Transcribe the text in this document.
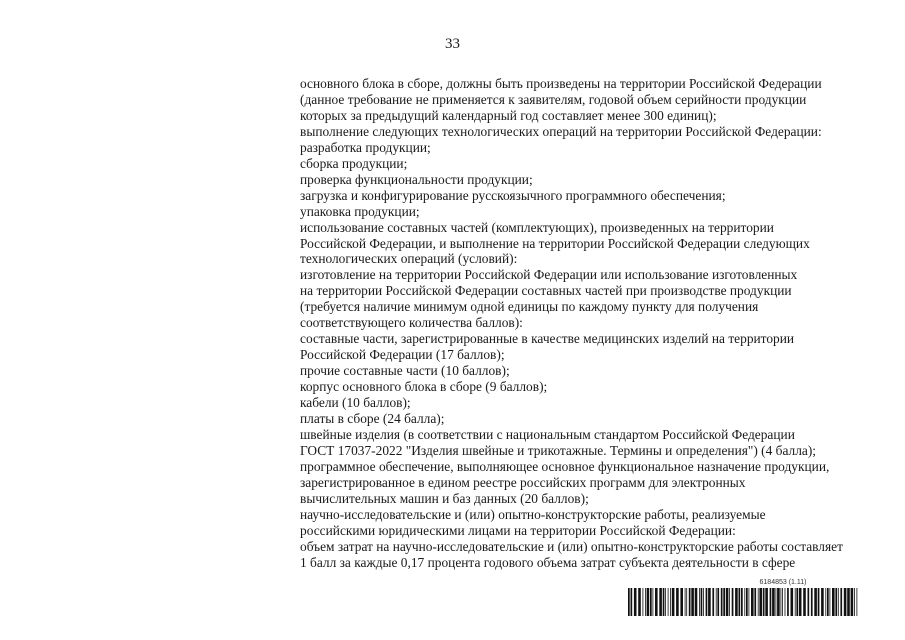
33
основного блока в сборе, должны быть произведены на территории Российской Федерации
(данное требование не применяется к заявителям, годовой объем серийности продукции
которых за предыдущий календарный год составляет менее 300 единиц);
выполнение следующих технологических операций на территории Российской Федерации:
разработка продукции;
сборка продукции;
проверка функциональности продукции;
загрузка и конфигурирование русскоязычного программного обеспечения;
упаковка продукции;
использование составных частей (комплектующих), произведенных на территории
Российской Федерации, и выполнение на территории Российской Федерации следующих
технологических операций (условий):
изготовление на территории Российской Федерации или использование изготовленных
на территории Российской Федерации составных частей при производстве продукции
(требуется наличие минимум одной единицы по каждому пункту для получения
соответствующего количества баллов):
составные части, зарегистрированные в качестве медицинских изделий на территории
Российской Федерации (17 баллов);
прочие составные части (10 баллов);
корпус основного блока в сборе (9 баллов);
кабели (10 баллов);
платы в сборе (24 балла);
швейные изделия (в соответствии с национальным стандартом Российской Федерации
ГОСТ 17037-2022 "Изделия швейные и трикотажные. Термины и определения") (4 балла);
программное обеспечение, выполняющее основное функциональное назначение продукции,
зарегистрированное в едином реестре российских программ для электронных
вычислительных машин и баз данных (20 баллов);
научно-исследовательские и (или) опытно-конструкторские работы, реализуемые
российскими юридическими лицами на территории Российской Федерации:
объем затрат на научно-исследовательские и (или) опытно-конструкторские работы составляет
1 балл за каждые 0,17 процента годового объема затрат субъекта деятельности в сфере
6184853 (1.11)
